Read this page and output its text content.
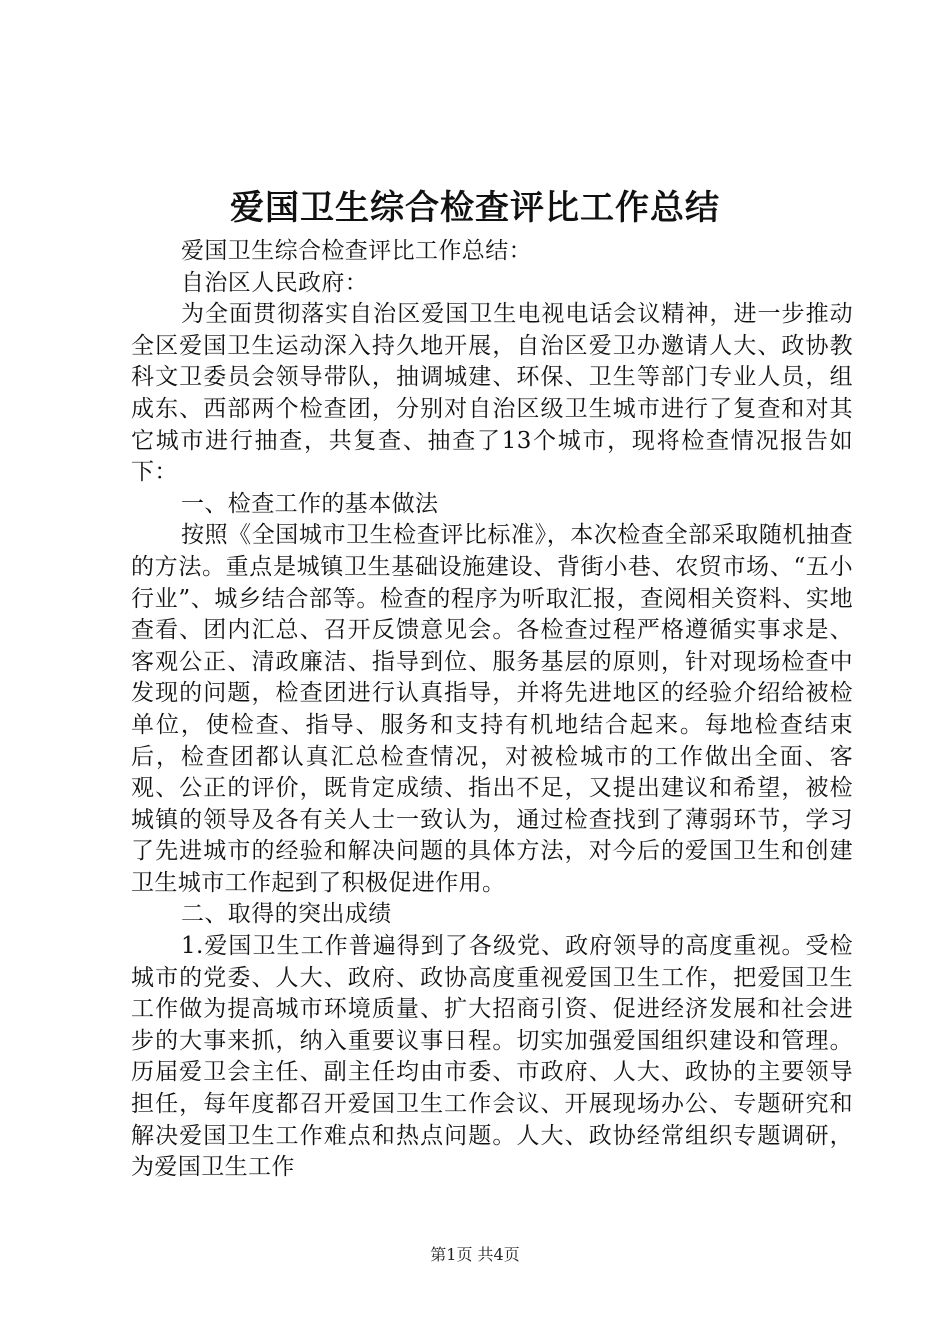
爱国卫生综合检查评比工作总结

爱国卫生综合检查评比工作总结：

自治区人民政府：

为全面贯彻落实自治区爱国卫生电视电话会议精神，进一步推动全区爱国卫生运动深入持久地开展，自治区爱卫办邀请人大、政协教科文卫委员会领导带队，抽调城建、环保、卫生等部门专业人员，组成东、西部两个检查团，分别对自治区级卫生城市进行了复查和对其它城市进行抽查，共复查、抽查了13个城市，现将检查情况报告如下：

一、检查工作的基本做法

按照《全国城市卫生检查评比标准》，本次检查全部采取随机抽查的方法。重点是城镇卫生基础设施建设、背街小巷、农贸市场、“五小行业”、城乡结合部等。检查的程序为听取汇报，查阅相关资料、实地查看、团内汇总、召开反馈意见会。各检查过程严格遵循实事求是、客观公正、清政廉洁、指导到位、服务基层的原则，针对现场检查中发现的问题，检查团进行认真指导，并将先进地区的经验介绍给被检单位，使检查、指导、服务和支持有机地结合起来。每地检查结束后，检查团都认真汇总检查情况，对被检城市的工作做出全面、客观、公正的评价，既肯定成绩、指出不足，又提出建议和希望，被检城镇的领导及各有关人士一致认为，通过检查找到了薄弱环节，学习了先进城市的经验和解决问题的具体方法，对今后的爱国卫生和创建卫生城市工作起到了积极促进作用。

二、取得的突出成绩

1.爱国卫生工作普遍得到了各级党、政府领导的高度重视。受检城市的党委、人大、政府、政协高度重视爱国卫生工作，把爱国卫生工作做为提高城市环境质量、扩大招商引资、促进经济发展和社会进步的大事来抓，纳入重要议事日程。切实加强爱国组织建设和管理。历届爱卫会主任、副主任均由市委、市政府、人大、政协的主要领导担任，每年度都召开爱国卫生工作会议、开展现场办公、专题研究和解决爱国卫生工作难点和热点问题。人大、政协经常组织专题调研，为爱国卫生工作

第1页 共4页
